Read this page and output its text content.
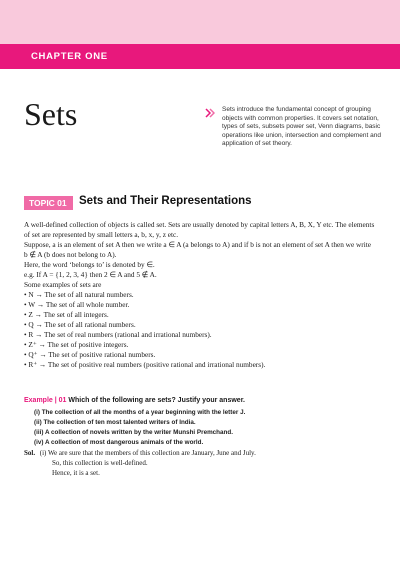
CHAPTER ONE
Sets	Sets introduce the fundamental concept of grouping objects with common properties. It covers set notation, types of sets, subsets power set, Venn diagrams, basic operations like union, intersection and complement and application of set theory.
TOPIC 01	Sets and Their Representations

A well-defined collection of objects is called set. Sets are usually denoted by capital letters A, B, X, Y etc. The elements

of set are represented by small letters a, b, x, y, z etc.

Suppose, a is an element of set A then we write a ∈ A (a belongs to A) and if b is not an element of set A then we write

b ∉ A (b does not belong to A).

Here, the word ‘belongs to’ is denoted by ∈.

e.g. If A = {1, 2, 3, 4} then 2 ∈ A and 5 ∉ A.

Some examples of sets are

• N → The set of all natural numbers.

• W → The set of all whole number.

• Z → The set of all integers.

• Q → The set of all rational numbers.

• R → The set of real numbers (rational and irrational numbers).

• Z⁺ → The set of positive integers.

• Q⁺ → The set of positive rational numbers.

• R⁺ → The set of positive real numbers (positive rational and irrational numbers).

Example | 01 Which of the following are sets? Justify your answer.
(i) The collection of all the months of a year beginning with the letter J.
(ii) The collection of ten most talented writers of India.
(iii) A collection of novels written by the writer Munshi Premchand.
(iv) A collection of most dangerous animals of the world.
Sol. (i) We are sure that the members of this collection are January, June and July.
So, this collection is well-defined.
Hence, it is a set.
